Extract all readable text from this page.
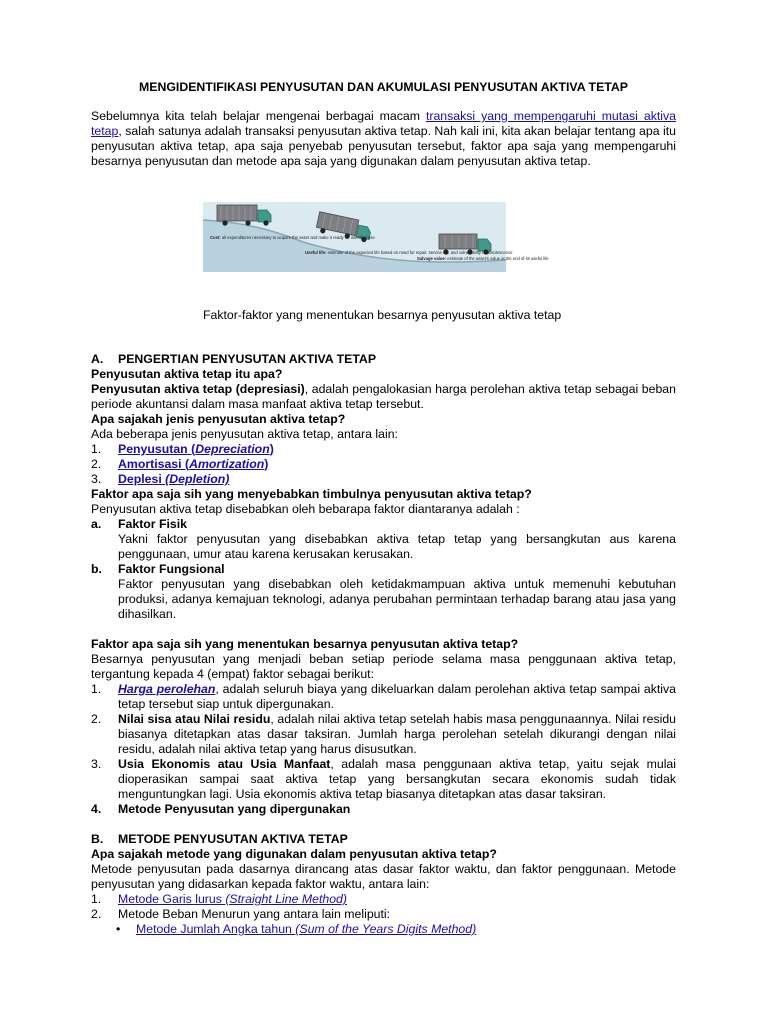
MENGIDENTIFIKASI PENYUSUTAN DAN AKUMULASI PENYUSUTAN AKTIVA TETAP
Sebelumnya kita telah belajar mengenai berbagai macam transaksi yang mempengaruhi mutasi aktiva tetap, salah satunya adalah transaksi penyusutan aktiva tetap. Nah kali ini, kita akan belajar tentang apa itu penyusutan aktiva tetap, apa saja penyebab penyusutan tersebut, faktor apa saja yang mempengaruhi besarnya penyusutan dan metode apa saja yang digunakan dalam penyusutan aktiva tetap.
Cost: all expenditures necessary to acquire the asset and make it ready for intended use
Useful life: estimate of the expected life based on need for repair, service life, and vulnerability to obsolescence
Salvage value: estimate of the asset's value at the end of its useful life
Faktor-faktor yang menentukan besarnya penyusutan aktiva tetap
A. PENGERTIAN PENYUSUTAN AKTIVA TETAP

Penyusutan aktiva tetap itu apa?

Penyusutan aktiva tetap (depresiasi), adalah pengalokasian harga perolehan aktiva tetap sebagai beban periode akuntansi dalam masa manfaat aktiva tetap tersebut.

Apa sajakah jenis penyusutan aktiva tetap?

Ada beberapa jenis penyusutan aktiva tetap, antara lain:

1. Penyusutan (Depreciation)
2. Amortisasi (Amortization)
3. Deplesi (Depletion)

Faktor apa saja sih yang menyebabkan timbulnya penyusutan aktiva tetap?

Penyusutan aktiva tetap disebabkan oleh bebarapa faktor diantaranya adalah :

a. Faktor Fisik

Yakni faktor penyusutan yang disebabkan aktiva tetap tetap yang bersangkutan aus karena penggunaan, umur atau karena kerusakan kerusakan.

b. Faktor Fungsional

Faktor penyusutan yang disebabkan oleh ketidakmampuan aktiva untuk memenuhi kebutuhan produksi, adanya kemajuan teknologi, adanya perubahan permintaan terhadap barang atau jasa yang dihasilkan.

Faktor apa saja sih yang menentukan besarnya penyusutan aktiva tetap?

Besarnya penyusutan yang menjadi beban setiap periode selama masa penggunaan aktiva tetap, tergantung kepada 4 (empat) faktor sebagai berikut:

1. Harga perolehan, adalah seluruh biaya yang dikeluarkan dalam perolehan aktiva tetap sampai aktiva tetap tersebut siap untuk dipergunakan.
2. Nilai sisa atau Nilai residu, adalah nilai aktiva tetap setelah habis masa penggunaannya. Nilai residu biasanya ditetapkan atas dasar taksiran. Jumlah harga perolehan setelah dikurangi dengan nilai residu, adalah nilai aktiva tetap yang harus disusutkan.
3. Usia Ekonomis atau Usia Manfaat, adalah masa penggunaan aktiva tetap, yaitu sejak mulai dioperasikan sampai saat aktiva tetap yang bersangkutan secara ekonomis sudah tidak menguntungkan lagi. Usia ekonomis aktiva tetap biasanya ditetapkan atas dasar taksiran.
4. Metode Penyusutan yang dipergunakan
B. METODE PENYUSUTAN AKTIVA TETAP

Apa sajakah metode yang digunakan dalam penyusutan aktiva tetap?

Metode penyusutan pada dasarnya dirancang atas dasar faktor waktu, dan faktor penggunaan. Metode penyusutan yang didasarkan kepada faktor waktu, antara lain:

1. Metode Garis lurus (Straight Line Method)
2. Metode Beban Menurun yang antara lain meliputi:
• Metode Jumlah Angka tahun (Sum of the Years Digits Method)
